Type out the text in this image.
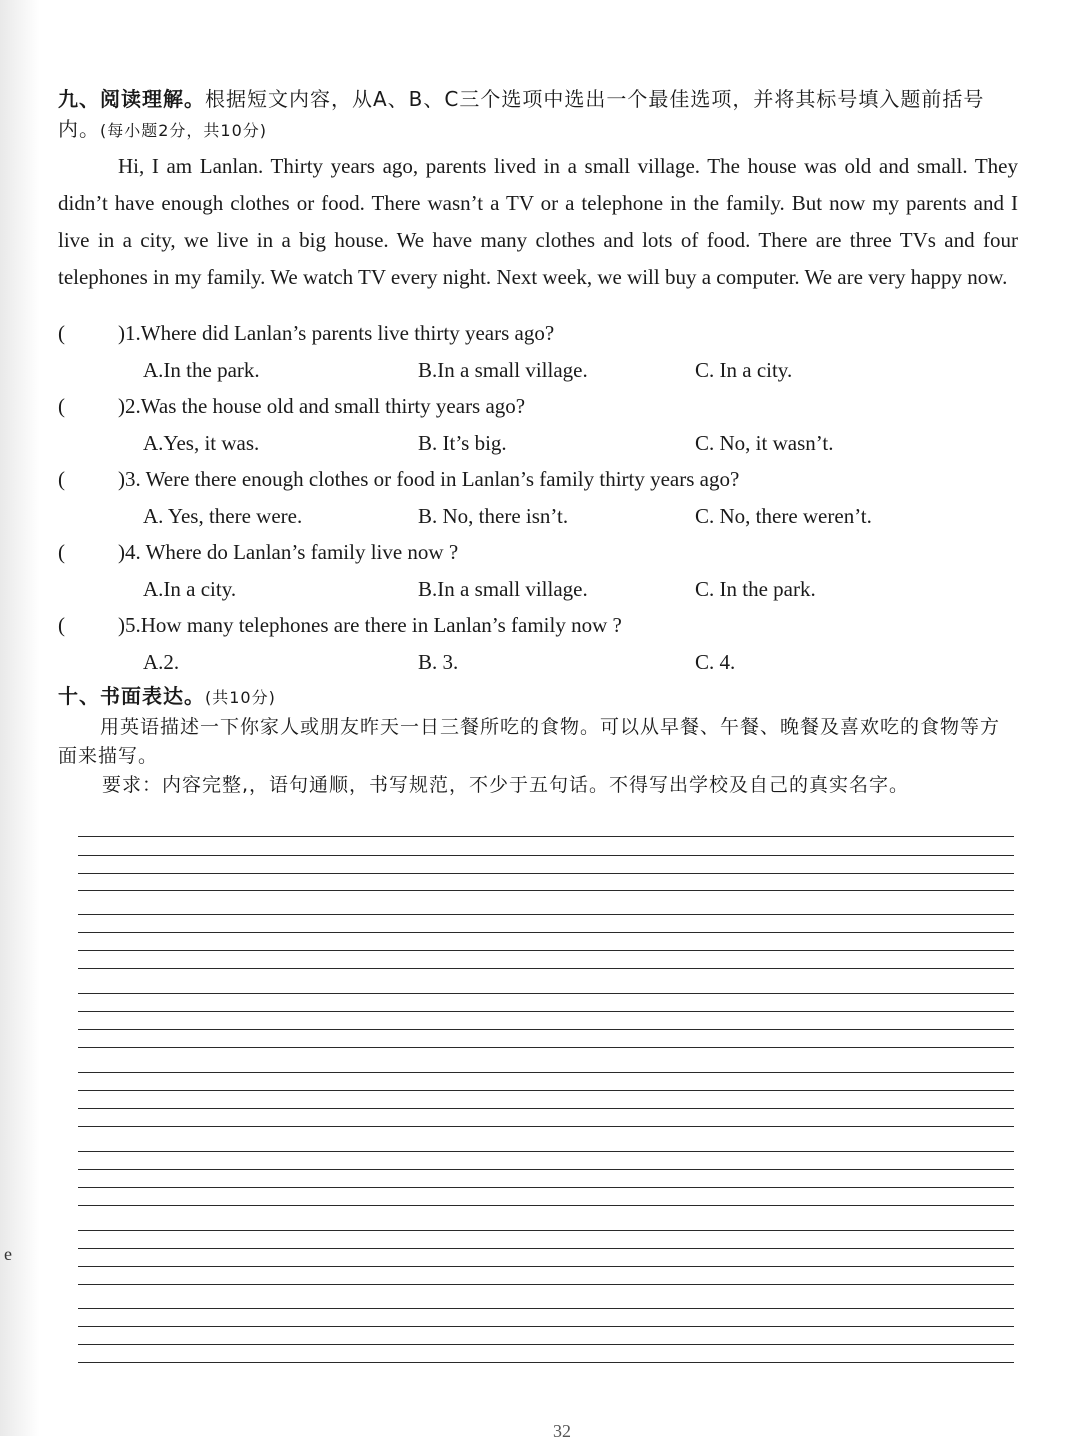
e
九、阅读理解。根据短文内容，从A、B、C三个选项中选出一个最佳选项，并将其标号填入题前括号内。(每小题2分，共10分)
Hi, I am Lanlan. Thirty years ago, parents lived in a small village. The house was old and small. They didn’t have enough clothes or food. There wasn’t a TV or a telephone in the family. But now my parents and I live in a city, we live in a big house. We have many clothes and lots of food. There are three TVs and four telephones in my family. We watch TV every night. Next week, we will buy a computer. We are very happy now.
(	)1.Where did Lanlan’s parents live thirty years ago?
A.In the park.	B.In a small village.	C. In a city.
(	)2.Was the house old and small thirty years ago?
A.Yes, it was.	B. It’s big.	C. No, it wasn’t.
(	)3. Were there enough clothes or food in Lanlan’s family thirty years ago?
A. Yes, there were.	B. No, there isn’t.	C. No, there weren’t.
(	)4. Where do Lanlan’s family live now ?
A.In a city.	B.In a small village.	C. In the park.
(	)5.How many telephones are there in Lanlan’s family now ?
A.2.	B. 3.	C. 4.
十、书面表达。(共10分)
用英语描述一下你家人或朋友昨天一日三餐所吃的食物。可以从早餐、午餐、晚餐及喜欢吃的食物等方面来描写。
要求：内容完整,，语句通顺，书写规范，不少于五句话。不得写出学校及自己的真实名字。
32
